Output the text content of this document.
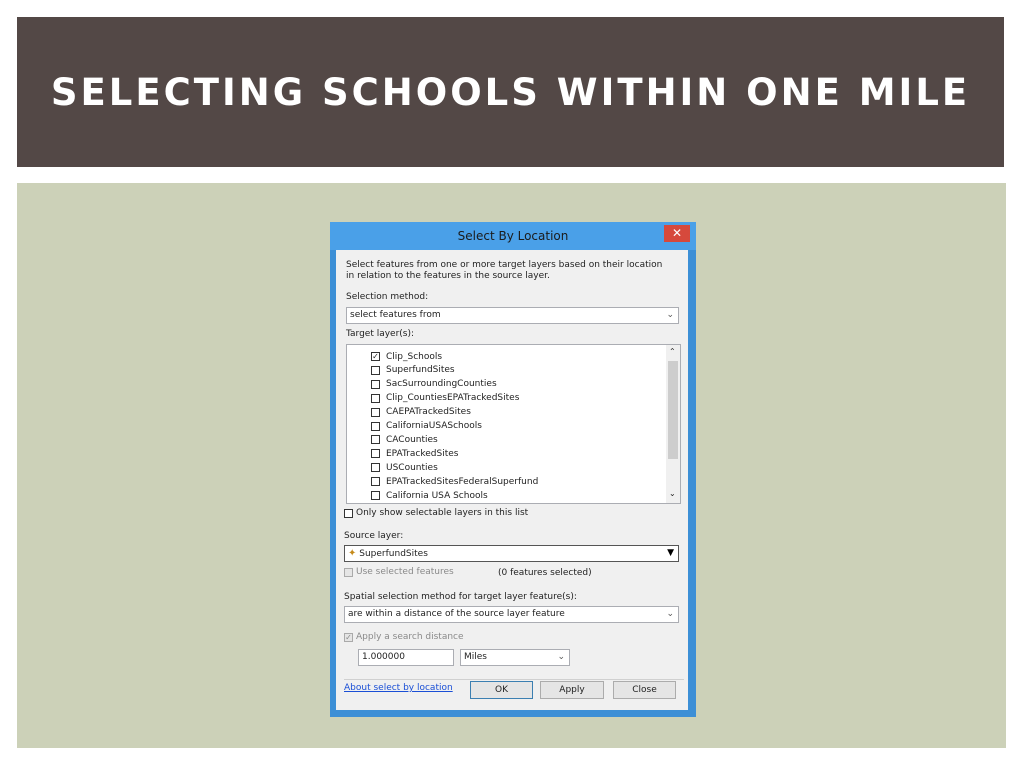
SELECTING SCHOOLS WITHIN ONE MILE
Select By Location	✕
Select features from one or more target layers based on their location in relation to the features in the source layer.
Selection method:
select features from	⌄
Target layer(s):
✓ Clip_Schools
SuperfundSites
SacSurroundingCounties
Clip_CountiesEPATrackedSites
CAEPATrackedSites
CaliforniaUSASchools
CACounties
EPATrackedSites
USCounties
EPATrackedSitesFederalSuperfund
California USA Schools
⌃
⌄
Only show selectable layers in this list
Source layer:
✦ SuperfundSites	▼
Use selected features	(0 features selected)
Spatial selection method for target layer feature(s):
are within a distance of the source layer feature	⌄
✓ Apply a search distance
1.000000	Miles	⌄
About select by location	OK	Apply	Close
